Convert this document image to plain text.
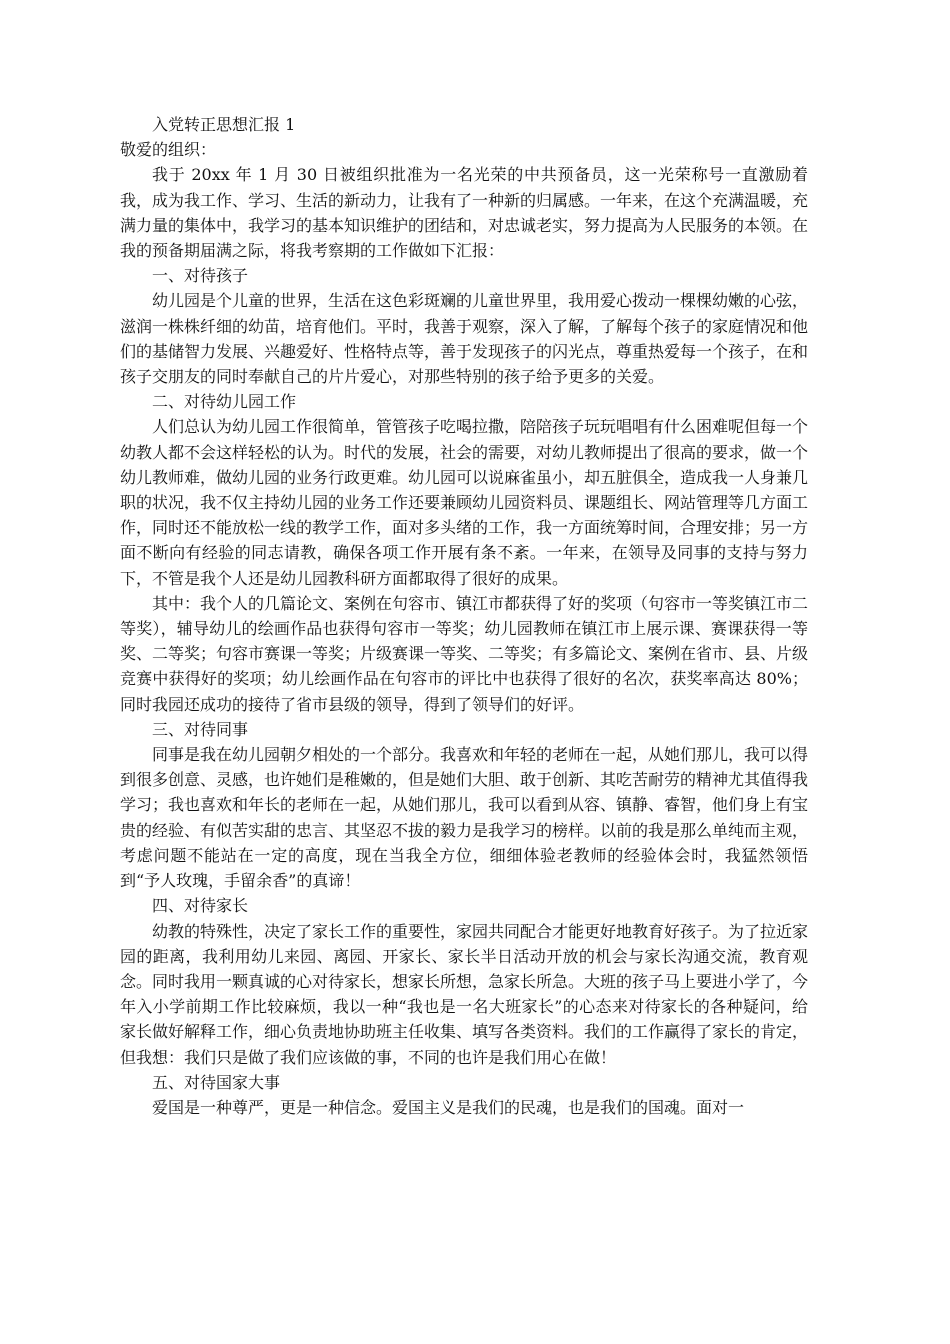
入党转正思想汇报 1

敬爱的组织：

我于 20xx 年 1 月 30 日被组织批准为一名光荣的中共预备员，这一光荣称号一直激励着我，成为我工作、学习、生活的新动力，让我有了一种新的归属感。一年来，在这个充满温暖，充满力量的集体中，我学习的基本知识维护的团结和，对忠诚老实，努力提高为人民服务的本领。在我的预备期届满之际，将我考察期的工作做如下汇报：

一、对待孩子

幼儿园是个儿童的世界，生活在这色彩斑斓的儿童世界里，我用爱心拨动一棵棵幼嫩的心弦，滋润一株株纤细的幼苗，培育他们。平时，我善于观察，深入了解，了解每个孩子的家庭情况和他们的基储智力发展、兴趣爱好、性格特点等，善于发现孩子的闪光点，尊重热爱每一个孩子，在和孩子交朋友的同时奉献自己的片片爱心，对那些特别的孩子给予更多的关爱。

二、对待幼儿园工作

人们总认为幼儿园工作很简单，管管孩子吃喝拉撒，陪陪孩子玩玩唱唱有什么困难呢但每一个幼教人都不会这样轻松的认为。时代的发展，社会的需要，对幼儿教师提出了很高的要求，做一个幼儿教师难，做幼儿园的业务行政更难。幼儿园可以说麻雀虽小，却五脏俱全，造成我一人身兼几职的状况，我不仅主持幼儿园的业务工作还要兼顾幼儿园资料员、课题组长、网站管理等几方面工作，同时还不能放松一线的教学工作，面对多头绪的工作，我一方面统筹时间，合理安排；另一方面不断向有经验的同志请教，确保各项工作开展有条不紊。一年来，在领导及同事的支持与努力下，不管是我个人还是幼儿园教科研方面都取得了很好的成果。

其中：我个人的几篇论文、案例在句容市、镇江市都获得了好的奖项（句容市一等奖镇江市二等奖），辅导幼儿的绘画作品也获得句容市一等奖；幼儿园教师在镇江市上展示课、赛课获得一等奖、二等奖；句容市赛课一等奖；片级赛课一等奖、二等奖；有多篇论文、案例在省市、县、片级竞赛中获得好的奖项；幼儿绘画作品在句容市的评比中也获得了很好的名次，获奖率高达 80%；同时我园还成功的接待了省市县级的领导，得到了领导们的好评。

三、对待同事

同事是我在幼儿园朝夕相处的一个部分。我喜欢和年轻的老师在一起，从她们那儿，我可以得到很多创意、灵感，也许她们是稚嫩的，但是她们大胆、敢于创新、其吃苦耐劳的精神尤其值得我学习；我也喜欢和年长的老师在一起，从她们那儿，我可以看到从容、镇静、睿智，他们身上有宝贵的经验、有似苦实甜的忠言、其坚忍不拔的毅力是我学习的榜样。以前的我是那么单纯而主观，考虑问题不能站在一定的高度，现在当我全方位，细细体验老教师的经验体会时，我猛然领悟到“予人玫瑰，手留余香”的真谛！

四、对待家长

幼教的特殊性，决定了家长工作的重要性，家园共同配合才能更好地教育好孩子。为了拉近家园的距离，我利用幼儿来园、离园、开家长、家长半日活动开放的机会与家长沟通交流，教育观念。同时我用一颗真诚的心对待家长，想家长所想，急家长所急。大班的孩子马上要进小学了，今年入小学前期工作比较麻烦，我以一种“我也是一名大班家长”的心态来对待家长的各种疑问，给家长做好解释工作，细心负责地协助班主任收集、填写各类资料。我们的工作赢得了家长的肯定，但我想：我们只是做了我们应该做的事，不同的也许是我们用心在做！

五、对待国家大事

爱国是一种尊严，更是一种信念。爱国主义是我们的民魂，也是我们的国魂。面对一
